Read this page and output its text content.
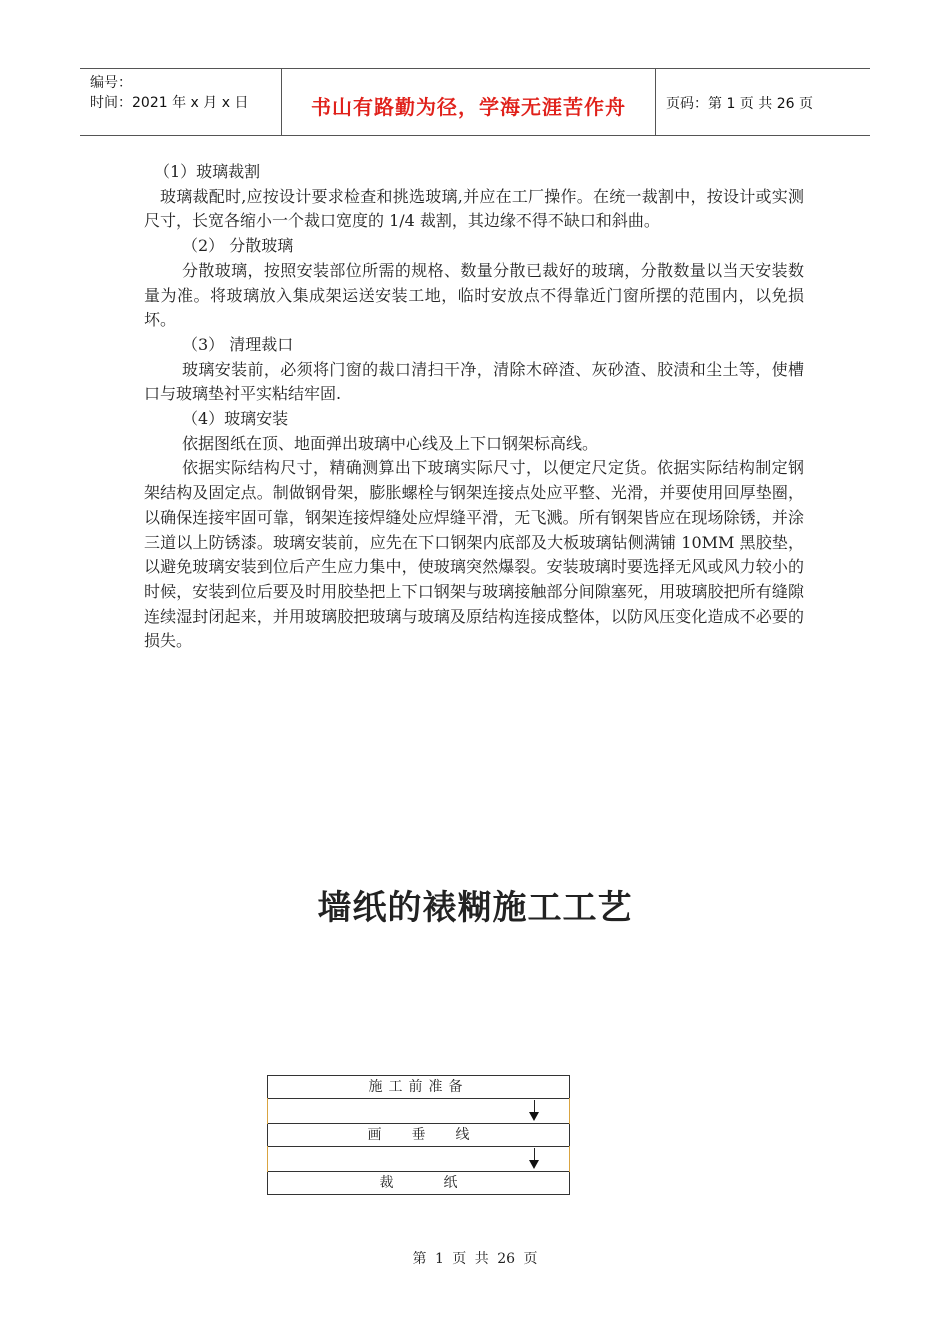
编号：
时间：2021 年 x 月 x 日	书山有路勤为径，学海无涯苦作舟	页码：第 1 页 共 26 页

（1）玻璃裁割

玻璃裁配时,应按设计要求检查和挑选玻璃,并应在工厂操作。在统一裁割中，按设计或实测尺寸，长宽各缩小一个裁口宽度的 1/4 裁割，其边缘不得不缺口和斜曲。

（2） 分散玻璃

分散玻璃，按照安装部位所需的规格、数量分散已裁好的玻璃，分散数量以当天安装数量为准。将玻璃放入集成架运送安装工地，临时安放点不得靠近门窗所摆的范围内，以免损坏。

（3） 清理裁口

玻璃安装前，必须将门窗的裁口清扫干净，清除木碎渣、灰砂渣、胶渍和尘土等，使槽口与玻璃垫衬平实粘结牢固.

（4）玻璃安装

依据图纸在顶、地面弹出玻璃中心线及上下口钢架标高线。

依据实际结构尺寸，精确测算出下玻璃实际尺寸，以便定尺定货。依据实际结构制定钢架结构及固定点。制做钢骨架，膨胀螺栓与钢架连接点处应平整、光滑，并要使用回厚垫圈，以确保连接牢固可靠，钢架连接焊缝处应焊缝平滑，无飞溅。所有钢架皆应在现场除锈，并涂三道以上防锈漆。玻璃安装前，应先在下口钢架内底部及大板玻璃钻侧满铺 10MM 黑胶垫，以避免玻璃安装到位后产生应力集中，使玻璃突然爆裂。安装玻璃时要选择无风或风力较小的时候，安装到位后要及时用胶垫把上下口钢架与玻璃接触部分间隙塞死，用玻璃胶把所有缝隙连续湿封闭起来，并用玻璃胶把玻璃与玻璃及原结构连接成整体，以防风压变化造成不必要的损失。

墙纸的裱糊施工工艺
施工前准备
画垂线
裁纸
第 1 页 共 26 页
